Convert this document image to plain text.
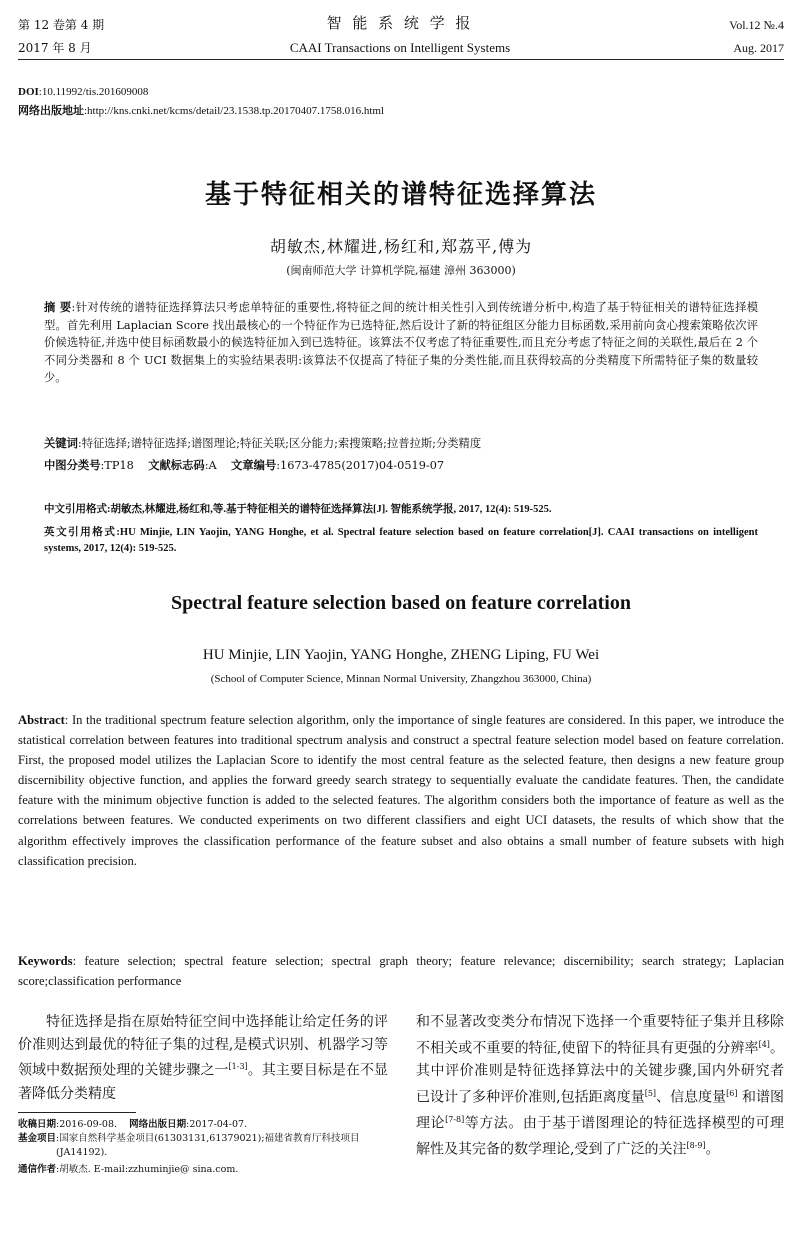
第 12 卷第 4 期	智 能 系 统 学 报	Vol.12 №.4
2017 年 8 月	CAAI Transactions on Intelligent Systems	Aug. 2017
DOI:10.11992/tis.201609008
网络出版地址:http://kns.cnki.net/kcms/detail/23.1538.tp.20170407.1758.016.html
基于特征相关的谱特征选择算法
胡敏杰,林耀进,杨红和,郑荔平,傅为
(闽南师范大学 计算机学院,福建 漳州 363000)
摘 要:针对传统的谱特征选择算法只考虑单特征的重要性,将特征之间的统计相关性引入到传统谱分析中,构造了基于特征相关的谱特征选择模型。首先利用 Laplacian Score 找出最核心的一个特征作为已选特征,然后设计了新的特征组区分能力目标函数,采用前向贪心搜索策略依次评价候选特征,并选中使目标函数最小的候选特征加入到已选特征。该算法不仅考虑了特征重要性,而且充分考虑了特征之间的关联性,最后在 2 个不同分类器和 8 个 UCI 数据集上的实验结果表明:该算法不仅提高了特征子集的分类性能,而且获得较高的分类精度下所需特征子集的数量较少。
关键词:特征选择;谱特征选择;谱图理论;特征关联;区分能力;索搜策略;拉普拉斯;分类精度
中图分类号:TP18 文献标志码:A 文章编号:1673-4785(2017)04-0519-07
中文引用格式:胡敏杰,林耀进,杨红和,等.基于特征相关的谱特征选择算法[J]. 智能系统学报, 2017, 12(4): 519-525.
英文引用格式:HU Minjie, LIN Yaojin, YANG Honghe, et al. Spectral feature selection based on feature correlation[J]. CAAI transactions on intelligent systems, 2017, 12(4): 519-525.
Spectral feature selection based on feature correlation
HU Minjie, LIN Yaojin, YANG Honghe, ZHENG Liping, FU Wei
(School of Computer Science, Minnan Normal University, Zhangzhou 363000, China)
Abstract: In the traditional spectrum feature selection algorithm, only the importance of single features are considered. In this paper, we introduce the statistical correlation between features into traditional spectrum analysis and construct a spectral feature selection model based on feature correlation. First, the proposed model utilizes the Laplacian Score to identify the most central feature as the selected feature, then designs a new feature group discernibility objective function, and applies the forward greedy search strategy to sequentially evaluate the candidate features. Then, the candidate feature with the minimum objective function is added to the selected features. The algorithm considers both the importance of feature as well as the correlations between features. We conducted experiments on two different classifiers and eight UCI datasets, the results of which show that the algorithm effectively improves the classification performance of the feature subset and also obtains a small number of feature subsets with high classification precision.
Keywords: feature selection; spectral feature selection; spectral graph theory; feature relevance; discernibility; search strategy; Laplacian score;classification performance
特征选择是指在原始特征空间中选择能让给定任务的评价准则达到最优的特征子集的过程,是模式识别、机器学习等领域中数据预处理的关键步骤之一[1-3]。其主要目标是在不显著降低分类精度
收稿日期:2016-09-08. 网络出版日期:2017-04-07.
基金项目:国家自然科学基金项目(61303131,61379021);福建省教育厅科技项目(JA14192).
通信作者:胡敏杰. E-mail:zzhuminjie@ sina.com.
和不显著改变类分布情况下选择一个重要特征子集并且移除不相关或不重要的特征,使留下的特征具有更强的分辨率[4]。其中评价准则是特征选择算法中的关键步骤,国内外研究者已设计了多种评价准则,包括距离度量[5]、信息度量[6] 和谱图理论[7-8]等方法。由于基于谱图理论的特征选择模型的可理解性及其完备的数学理论,受到了广泛的关注[8-9]。
